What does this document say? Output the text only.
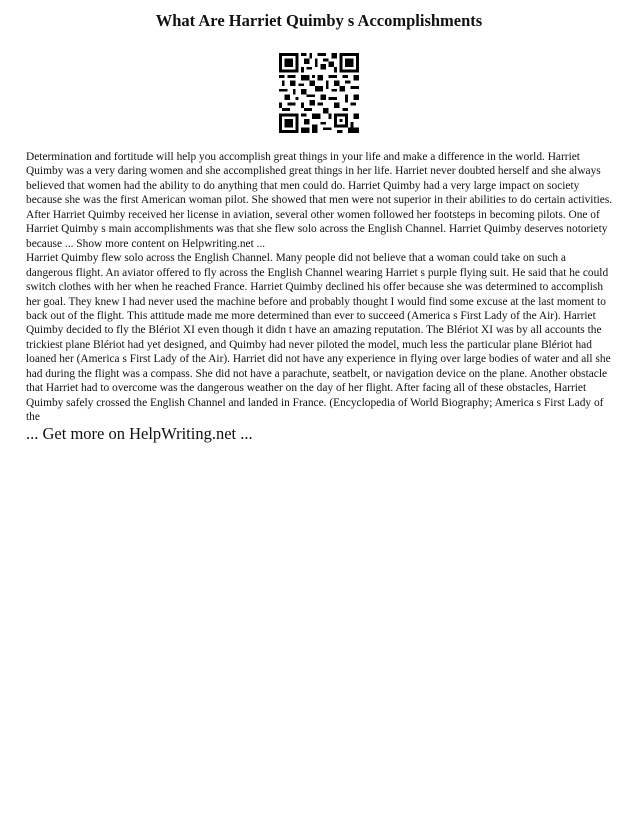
What Are Harriet Quimby s Accomplishments

Determination and fortitude will help you accomplish great things in your life and make a difference in the world. Harriet Quimby was a very daring women and she accomplished great things in her life. Harriet never doubted herself and she always believed that women had the ability to do anything that men could do. Harriet Quimby had a very large impact on society because she was the first American woman pilot. She showed that men were not superior in their abilities to do certain activities. After Harriet Quimby received her license in aviation, several other women followed her footsteps in becoming pilots. One of Harriet Quimby s main accomplishments was that she flew solo across the English Channel. Harriet Quimby deserves notoriety because ... Show more content on Helpwriting.net ...

Harriet Quimby flew solo across the English Channel. Many people did not believe that a woman could take on such a dangerous flight. An aviator offered to fly across the English Channel wearing Harriet s purple flying suit. He said that he could switch clothes with her when he reached France. Harriet Quimby declined his offer because she was determined to accomplish her goal. They knew I had never used the machine before and probably thought I would find some excuse at the last moment to back out of the flight. This attitude made me more determined than ever to succeed (America s First Lady of the Air). Harriet Quimby decided to fly the Blériot XI even though it didn t have an amazing reputation. The Blériot XI was by all accounts the trickiest plane Blériot had yet designed, and Quimby had never piloted the model, much less the particular plane Blériot had loaned her (America s First Lady of the Air). Harriet did not have any experience in flying over large bodies of water and all she had during the flight was a compass. She did not have a parachute, seatbelt, or navigation device on the plane. Another obstacle that Harriet had to overcome was the dangerous weather on the day of her flight. After facing all of these obstacles, Harriet Quimby safely crossed the English Channel and landed in France. (Encyclopedia of World Biography; America s First Lady of the

... Get more on HelpWriting.net ...
